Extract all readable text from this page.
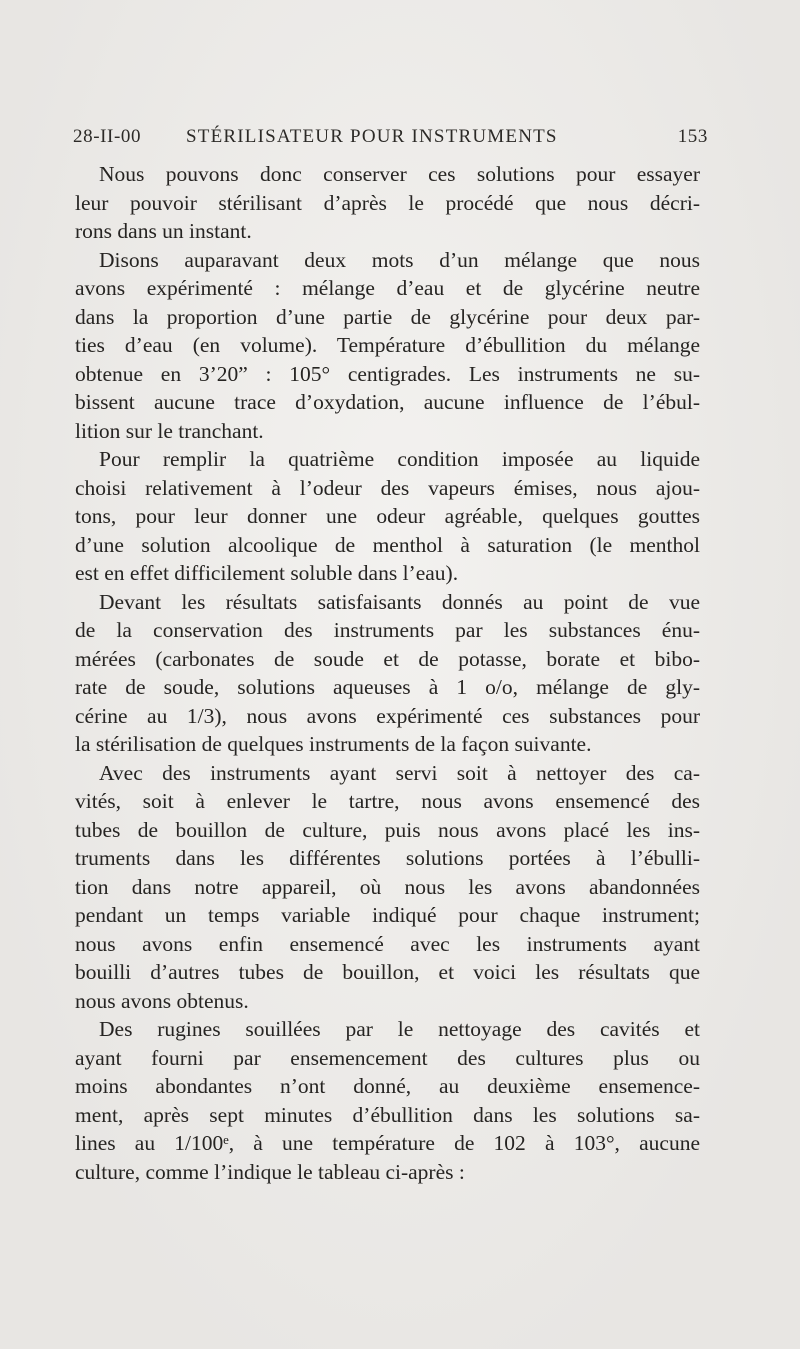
28-II-00 STÉRILISATEUR POUR INSTRUMENTS	153

Nous pouvons donc conserver ces solutions pour essayer
leur pouvoir stérilisant d’après le procédé que nous décri-
rons dans un instant.

Disons auparavant deux mots d’un mélange que nous
avons expérimenté : mélange d’eau et de glycérine neutre
dans la proportion d’une partie de glycérine pour deux par-
ties d’eau (en volume). Température d’ébullition du mélange
obtenue en 3’20” : 105° centigrades. Les instruments ne su-
bissent aucune trace d’oxydation, aucune influence de l’ébul-
lition sur le tranchant.

Pour remplir la quatrième condition imposée au liquide
choisi relativement à l’odeur des vapeurs émises, nous ajou-
tons, pour leur donner une odeur agréable, quelques gouttes
d’une solution alcoolique de menthol à saturation (le menthol
est en effet difficilement soluble dans l’eau).

Devant les résultats satisfaisants donnés au point de vue
de la conservation des instruments par les substances énu-
mérées (carbonates de soude et de potasse, borate et bibo-
rate de soude, solutions aqueuses à 1 o/o, mélange de gly-
cérine au 1/3), nous avons expérimenté ces substances pour
la stérilisation de quelques instruments de la façon suivante.

Avec des instruments ayant servi soit à nettoyer des ca-
vités, soit à enlever le tartre, nous avons ensemencé des
tubes de bouillon de culture, puis nous avons placé les ins-
truments dans les différentes solutions portées à l’ébulli-
tion dans notre appareil, où nous les avons abandonnées
pendant un temps variable indiqué pour chaque instrument;
nous avons enfin ensemencé avec les instruments ayant
bouilli d’autres tubes de bouillon, et voici les résultats que
nous avons obtenus.

Des rugines souillées par le nettoyage des cavités et
ayant fourni par ensemencement des cultures plus ou
moins abondantes n’ont donné, au deuxième ensemence-
ment, après sept minutes d’ébullition dans les solutions sa-
lines au 1/100ᵉ, à une température de 102 à 103°, aucune
culture, comme l’indique le tableau ci-après :
